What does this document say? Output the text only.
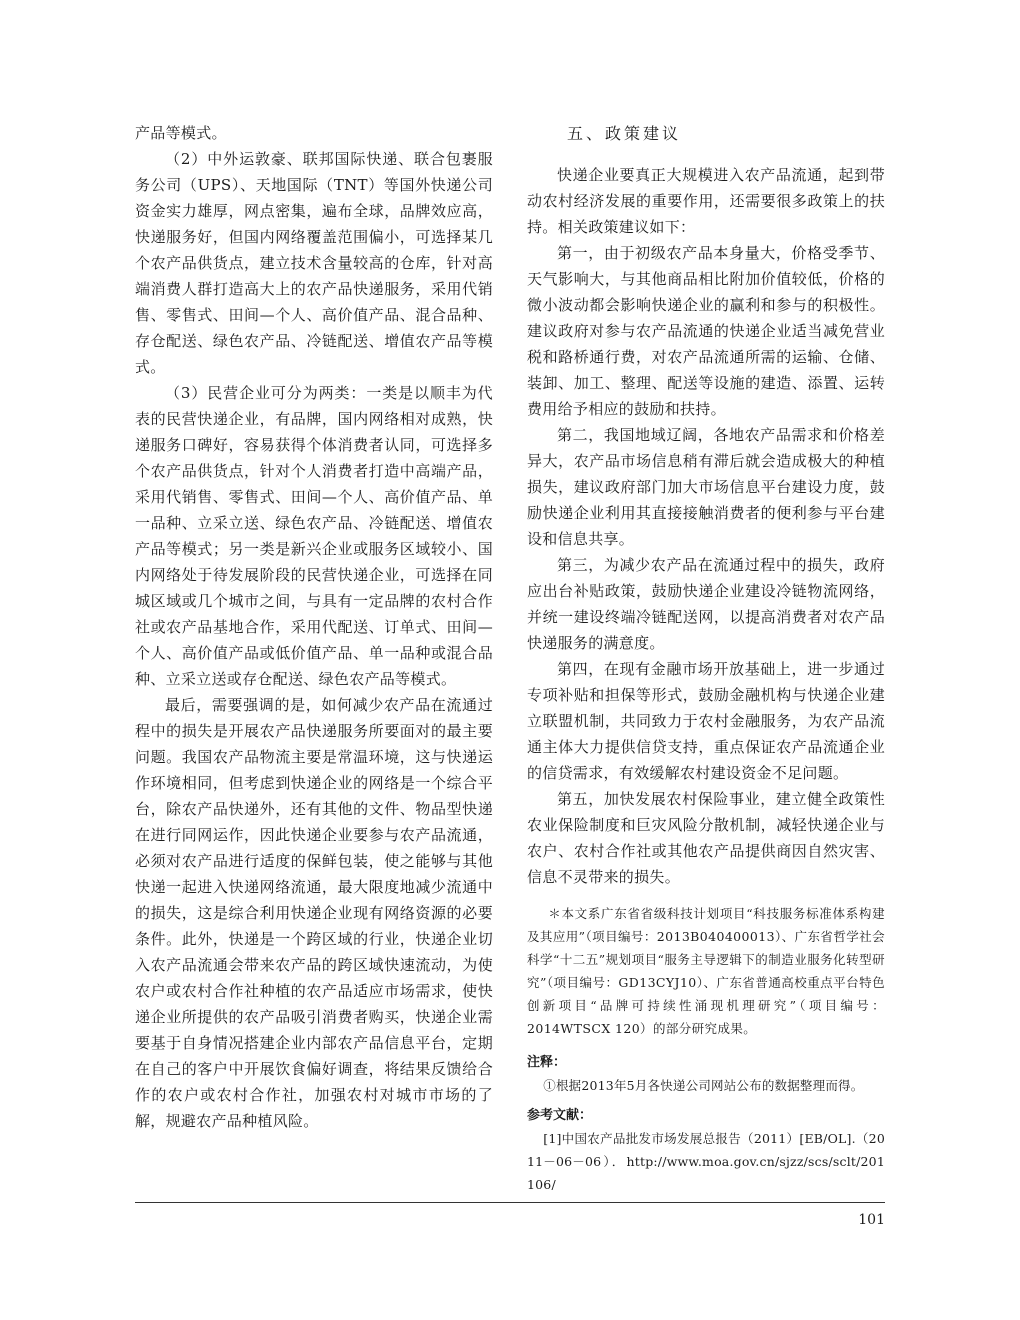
产品等模式。

（2）中外运敦豪、联邦国际快递、联合包裹服务公司（UPS）、天地国际（TNT）等国外快递公司资金实力雄厚，网点密集，遍布全球，品牌效应高，快递服务好，但国内网络覆盖范围偏小，可选择某几个农产品供货点，建立技术含量较高的仓库，针对高端消费人群打造高大上的农产品快递服务，采用代销售、零售式、田间—个人、高价值产品、混合品种、存仓配送、绿色农产品、冷链配送、增值农产品等模式。

（3）民营企业可分为两类：一类是以顺丰为代表的民营快递企业，有品牌，国内网络相对成熟，快递服务口碑好，容易获得个体消费者认同，可选择多个农产品供货点，针对个人消费者打造中高端产品，采用代销售、零售式、田间—个人、高价值产品、单一品种、立采立送、绿色农产品、冷链配送、增值农产品等模式；另一类是新兴企业或服务区域较小、国内网络处于待发展阶段的民营快递企业，可选择在同城区域或几个城市之间，与具有一定品牌的农村合作社或农产品基地合作，采用代配送、订单式、田间—个人、高价值产品或低价值产品、单一品种或混合品种、立采立送或存仓配送、绿色农产品等模式。

最后，需要强调的是，如何减少农产品在流通过程中的损失是开展农产品快递服务所要面对的最主要问题。我国农产品物流主要是常温环境，这与快递运作环境相同，但考虑到快递企业的网络是一个综合平台，除农产品快递外，还有其他的文件、物品型快递在进行同网运作，因此快递企业要参与农产品流通，必须对农产品进行适度的保鲜包装，使之能够与其他快递一起进入快递网络流通，最大限度地减少流通中的损失，这是综合利用快递企业现有网络资源的必要条件。此外，快递是一个跨区域的行业，快递企业切入农产品流通会带来农产品的跨区域快速流动，为使农户或农村合作社种植的农产品适应市场需求，使快递企业所提供的农产品吸引消费者购买，快递企业需要基于自身情况搭建企业内部农产品信息平台，定期在自己的客户中开展饮食偏好调查，将结果反馈给合作的农户或农村合作社，加强农村对城市市场的了解，规避农产品种植风险。

五、政策建议

快递企业要真正大规模进入农产品流通，起到带动农村经济发展的重要作用，还需要很多政策上的扶持。相关政策建议如下：

第一，由于初级农产品本身量大，价格受季节、天气影响大，与其他商品相比附加价值较低，价格的微小波动都会影响快递企业的赢利和参与的积极性。建议政府对参与农产品流通的快递企业适当减免营业税和路桥通行费，对农产品流通所需的运输、仓储、装卸、加工、整理、配送等设施的建造、添置、运转费用给予相应的鼓励和扶持。

第二，我国地域辽阔，各地农产品需求和价格差异大，农产品市场信息稍有滞后就会造成极大的种植损失，建议政府部门加大市场信息平台建设力度，鼓励快递企业利用其直接接触消费者的便利参与平台建设和信息共享。

第三，为减少农产品在流通过程中的损失，政府应出台补贴政策，鼓励快递企业建设冷链物流网络，并统一建设终端冷链配送网，以提高消费者对农产品快递服务的满意度。

第四，在现有金融市场开放基础上，进一步通过专项补贴和担保等形式，鼓励金融机构与快递企业建立联盟机制，共同致力于农村金融服务，为农产品流通主体大力提供信贷支持，重点保证农产品流通企业的信贷需求，有效缓解农村建设资金不足问题。

第五，加快发展农村保险事业，建立健全政策性农业保险制度和巨灾风险分散机制，减轻快递企业与农户、农村合作社或其他农产品提供商因自然灾害、信息不灵带来的损失。

＊本文系广东省省级科技计划项目“科技服务标准体系构建及其应用”（项目编号：2013B040400013）、广东省哲学社会科学“十二五”规划项目“服务主导逻辑下的制造业服务化转型研究”（项目编号：GD13CYJ10）、广东省普通高校重点平台特色创新项目“品牌可持续性涌现机理研究”（项目编号：2014WTSCX 120）的部分研究成果。
注释：
①根据2013年5月各快递公司网站公布的数据整理而得。
参考文献：
[1]中国农产品批发市场发展总报告（2011）[EB/OL].（2011－06－06）．http://www.moa.gov.cn/sjzz/scs/sclt/201106/
101
